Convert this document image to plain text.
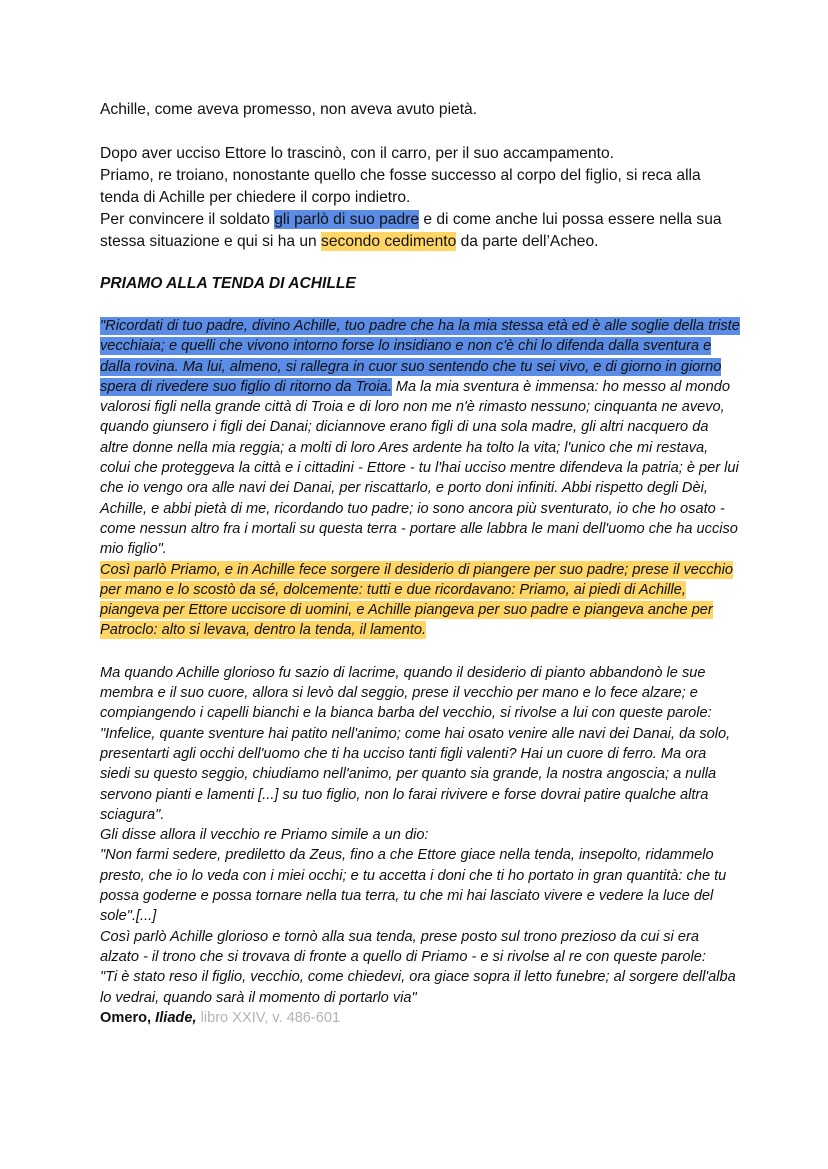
Achille, come aveva promesso, non aveva avuto pietà.

Dopo aver ucciso Ettore lo trascinò, con il carro, per il suo accampamento.

Priamo, re troiano, nonostante quello che fosse successo al corpo del figlio, si reca alla tenda di Achille per chiedere il corpo indietro.

Per convincere il soldato gli parlò di suo padre e di come anche lui possa essere nella sua stessa situazione e qui si ha un secondo cedimento da parte dell’Acheo.

PRIAMO ALLA TENDA DI ACHILLE

"Ricordati di tuo padre, divino Achille, tuo padre che ha la mia stessa età ed è alle soglie della triste vecchiaia; e quelli che vivono intorno forse lo insidiano e non c'è chi lo difenda dalla sventura e dalla rovina. Ma lui, almeno, si rallegra in cuor suo sentendo che tu sei vivo, e di giorno in giorno spera di rivedere suo figlio di ritorno da Troia. Ma la mia sventura è immensa: ho messo al mondo valorosi figli nella grande città di Troia e di loro non me n'è rimasto nessuno; cinquanta ne avevo, quando giunsero i figli dei Danai; diciannove erano figli di una sola madre, gli altri nacquero da altre donne nella mia reggia; a molti di loro Ares ardente ha tolto la vita; l'unico che mi restava, colui che proteggeva la città e i cittadini - Ettore - tu l'hai ucciso mentre difendeva la patria; è per lui che io vengo ora alle navi dei Danai, per riscattarlo, e porto doni infiniti. Abbi rispetto degli Dèi, Achille, e abbi pietà di me, ricordando tuo padre; io sono ancora più sventurato, io che ho osato - come nessun altro fra i mortali su questa terra - portare alle labbra le mani dell'uomo che ha ucciso mio figlio".
Così parlò Priamo, e in Achille fece sorgere il desiderio di piangere per suo padre; prese il vecchio per mano e lo scostò da sé, dolcemente: tutti e due ricordavano: Priamo, ai piedi di Achille, piangeva per Ettore uccisore di uomini, e Achille piangeva per suo padre e piangeva anche per Patroclo: alto si levava, dentro la tenda, il lamento.

Ma quando Achille glorioso fu sazio di lacrime, quando il desiderio di pianto abbandonò le sue membra e il suo cuore, allora si levò dal seggio, prese il vecchio per mano e lo fece alzare; e compiangendo i capelli bianchi e la bianca barba del vecchio, si rivolse a lui con queste parole:

"Infelice, quante sventure hai patito nell'animo; come hai osato venire alle navi dei Danai, da solo, presentarti agli occhi dell'uomo che ti ha ucciso tanti figli valenti? Hai un cuore di ferro. Ma ora siedi su questo seggio, chiudiamo nell'animo, per quanto sia grande, la nostra angoscia; a nulla servono pianti e lamenti [...] su tuo figlio, non lo farai rivivere e forse dovrai patire qualche altra sciagura".

Gli disse allora il vecchio re Priamo simile a un dio:

"Non farmi sedere, prediletto da Zeus, fino a che Ettore giace nella tenda, insepolto, ridammelo presto, che io lo veda con i miei occhi; e tu accetta i doni che ti ho portato in gran quantità: che tu possa goderne e possa tornare nella tua terra, tu che mi hai lasciato vivere e vedere la luce del sole".[...]

Così parlò Achille glorioso e tornò alla sua tenda, prese posto sul trono prezioso da cui si era alzato - il trono che si trovava di fronte a quello di Priamo - e si rivolse al re con queste parole:

"Ti è stato reso il figlio, vecchio, come chiedevi, ora giace sopra il letto funebre; al sorgere dell'alba lo vedrai, quando sarà il momento di portarlo via"

Omero, Iliade, libro XXIV, v. 486-601
